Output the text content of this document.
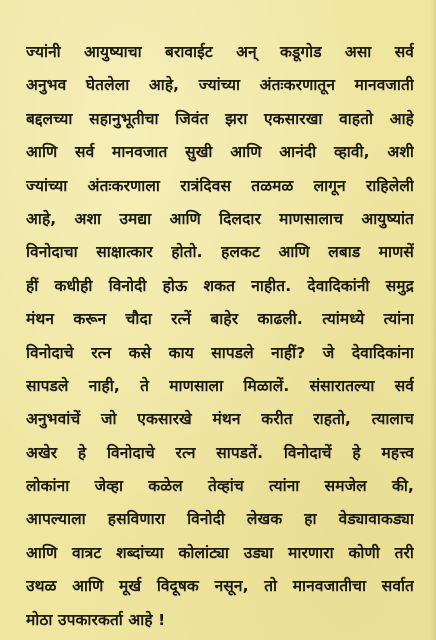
ज्यांनी आयुष्याचा बरावाईट अन् कडूगोड असा सर्व
अनुभव घेतलेला आहे, ज्यांच्या अंतःकरणातून मानवजाती
बद्दलच्या सहानुभूतीचा जिवंत झरा एकसारखा वाहतो आहे
आणि सर्व मानवजात सुखी आणि आनंदी व्हावी, अशी
ज्यांच्या अंतःकरणाला रात्रंदिवस तळमळ लागून राहिलेली
आहे, अशा उमद्या आणि दिलदार माणसालाच आयुष्यांत
विनोदाचा साक्षात्कार होतो. हलकट आणि लबाड माणसें
हीं कधीही विनोदी होऊ शकत नाहीत. देवादिकांनी समुद्र
मंथन करून चौदा रत्नें बाहेर काढली. त्यांमध्ये त्यांना
विनोदाचे रत्न कसे काय सापडले नाहीं? जे देवादिकांना
सापडले नाही, ते माणसाला मिळालें. संसारातल्या सर्व
अनुभवांचें जो एकसारखे मंथन करीत राहतो, त्यालाच
अखेर हे विनोदाचे रत्न सापडतें. विनोदाचें हे महत्त्व
लोकांना जेव्हा कळेल तेव्हांच त्यांना समजेल की,
आपल्याला हसविणारा विनोदी लेखक हा वेड्यावाकड्या
आणि वात्रट शब्दांच्या कोलांट्या उड्या मारणारा कोणी तरी
उथळ आणि मूर्ख विदूषक नसून, तो मानवजातीचा सर्वात
मोठा उपकारकर्ता आहे !
